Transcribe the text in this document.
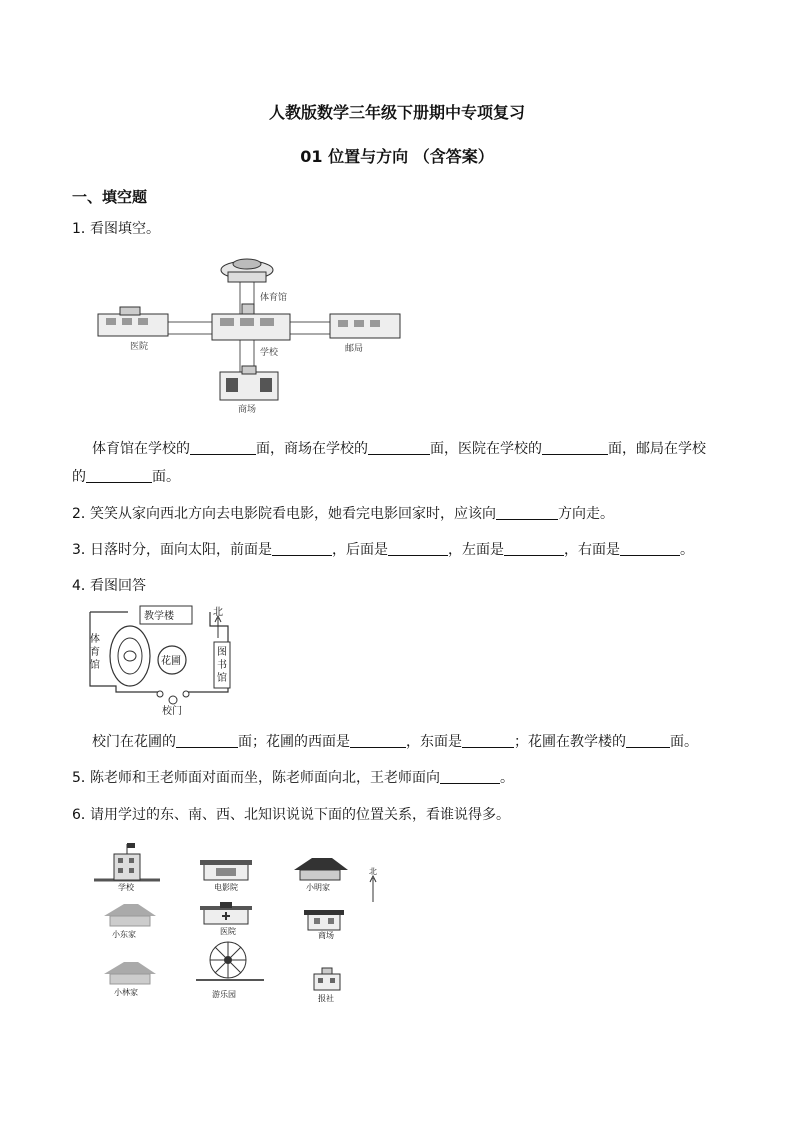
人教版数学三年级下册期中专项复习
01 位置与方向 （含答案）
一、填空题
1．看图填空。
体育馆
学校
医院	邮局
商场
体育馆在学校的	面，商场在学校的	面，医院在学校的	面，邮局在学校
的	面。
2．笑笑从家向西北方向去电影院看电影，她看完电影回家时，应该向	方向走。
3．日落时分，面向太阳，前面是	，后面是	，左面是	，右面是	。
4．看图回答
教学楼	北
体
育
馆	花圃
图
书
馆
校门
校门在花圃的	面；花圃的西面是	，东面是	；花圃在教学楼的	面。
5．陈老师和王老师面对面而坐，陈老师面向北，王老师面向	。
6．请用学过的东、南、西、北知识说说下面的位置关系，看谁说得多。
学校	电影院	小明家
北
小东家	医院	商场
小林家	游乐园	报社
